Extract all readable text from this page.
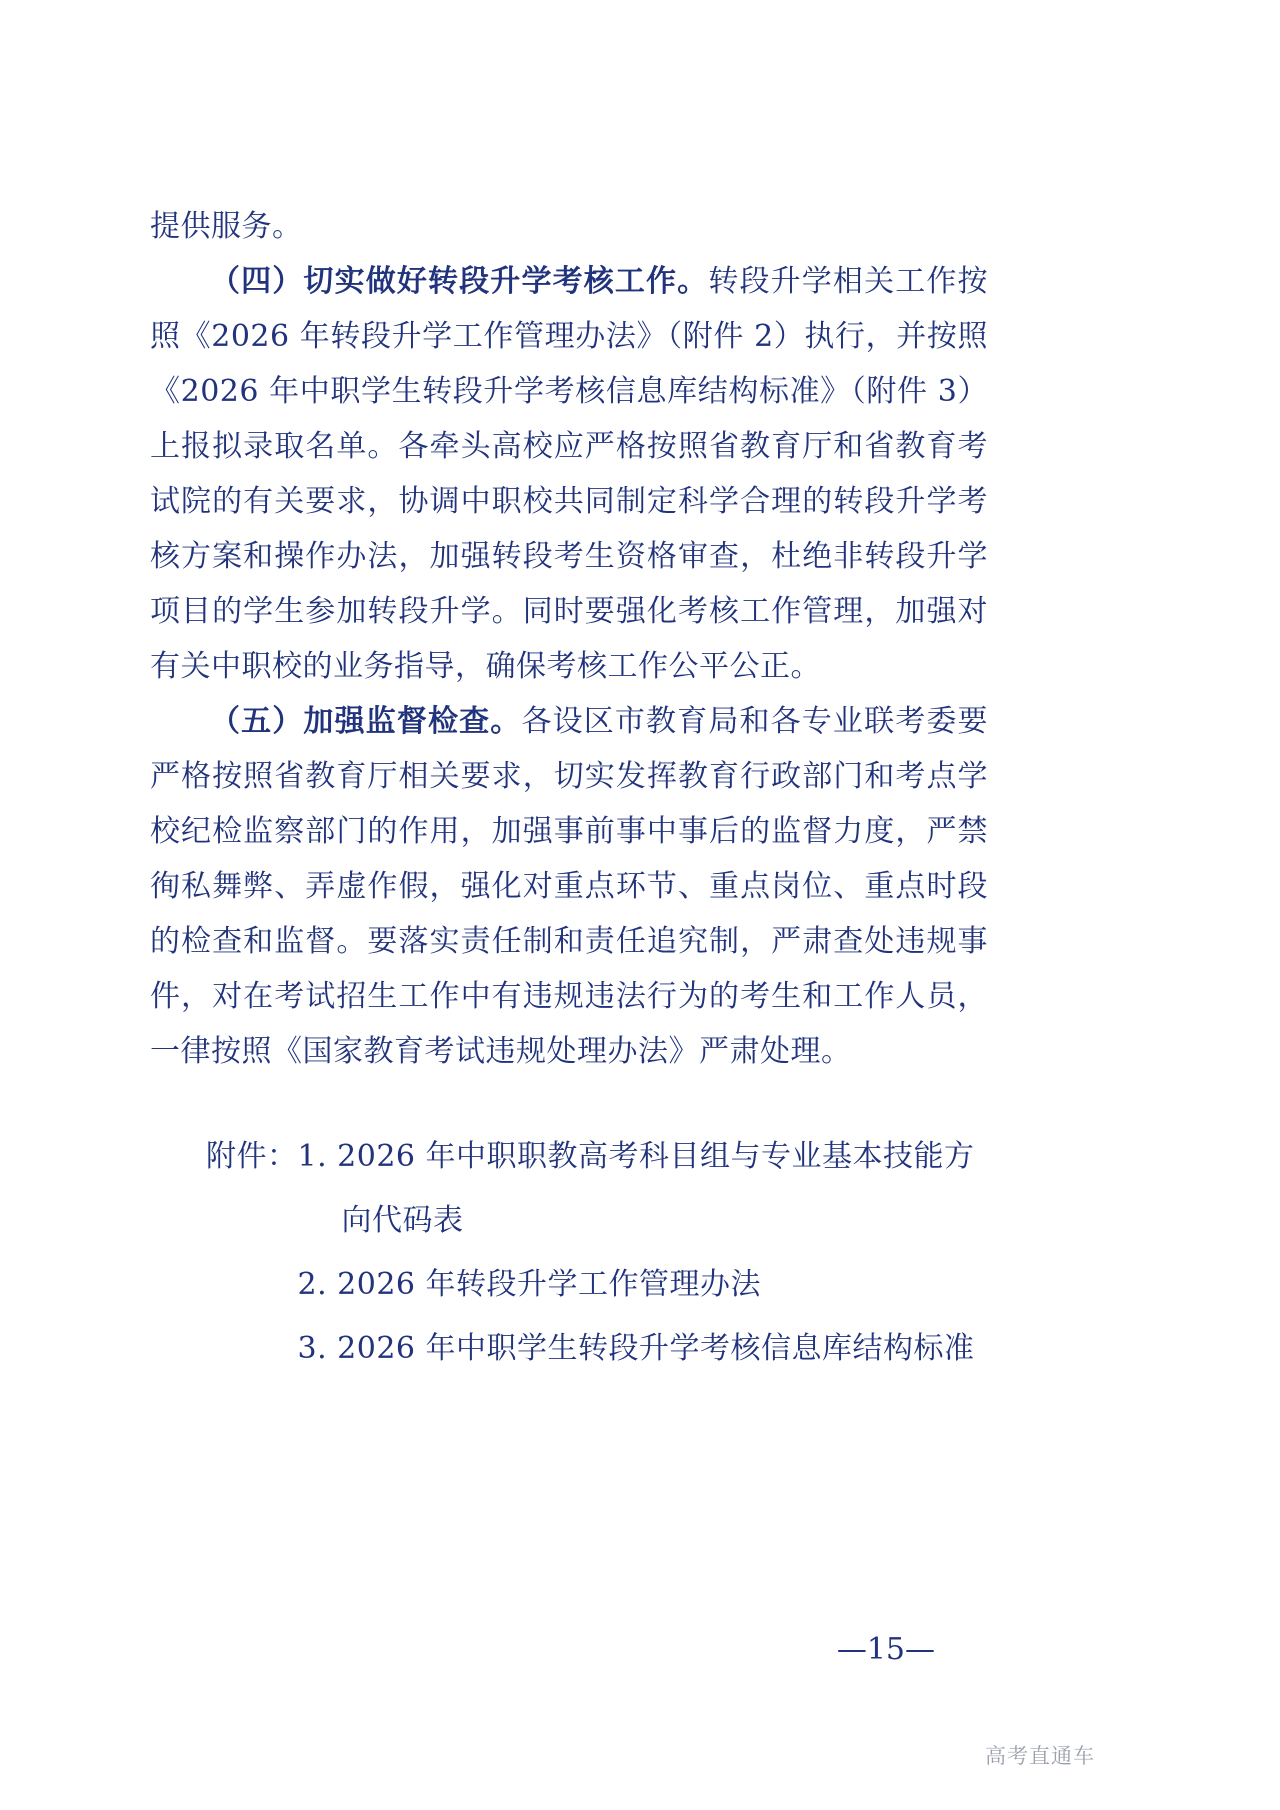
提供服务。

（四）切实做好转段升学考核工作。转段升学相关工作按照《2026 年转段升学工作管理办法》（附件 2）执行，并按照《2026 年中职学生转段升学考核信息库结构标准》（附件 3）上报拟录取名单。各牵头高校应严格按照省教育厅和省教育考试院的有关要求，协调中职校共同制定科学合理的转段升学考核方案和操作办法，加强转段考生资格审查，杜绝非转段升学项目的学生参加转段升学。同时要强化考核工作管理，加强对有关中职校的业务指导，确保考核工作公平公正。

（五）加强监督检查。各设区市教育局和各专业联考委要严格按照省教育厅相关要求，切实发挥教育行政部门和考点学校纪检监察部门的作用，加强事前事中事后的监督力度，严禁徇私舞弊、弄虚作假，强化对重点环节、重点岗位、重点时段的检查和监督。要落实责任制和责任追究制，严肃查处违规事件，对在考试招生工作中有违规违法行为的考生和工作人员，一律按照《国家教育考试违规处理办法》严肃处理。

附件： 1. 2026 年中职职教高考科目组与专业基本技能方向代码表
2. 2026 年转段升学工作管理办法
3. 2026 年中职学生转段升学考核信息库结构标准
—15—
高考直通车
